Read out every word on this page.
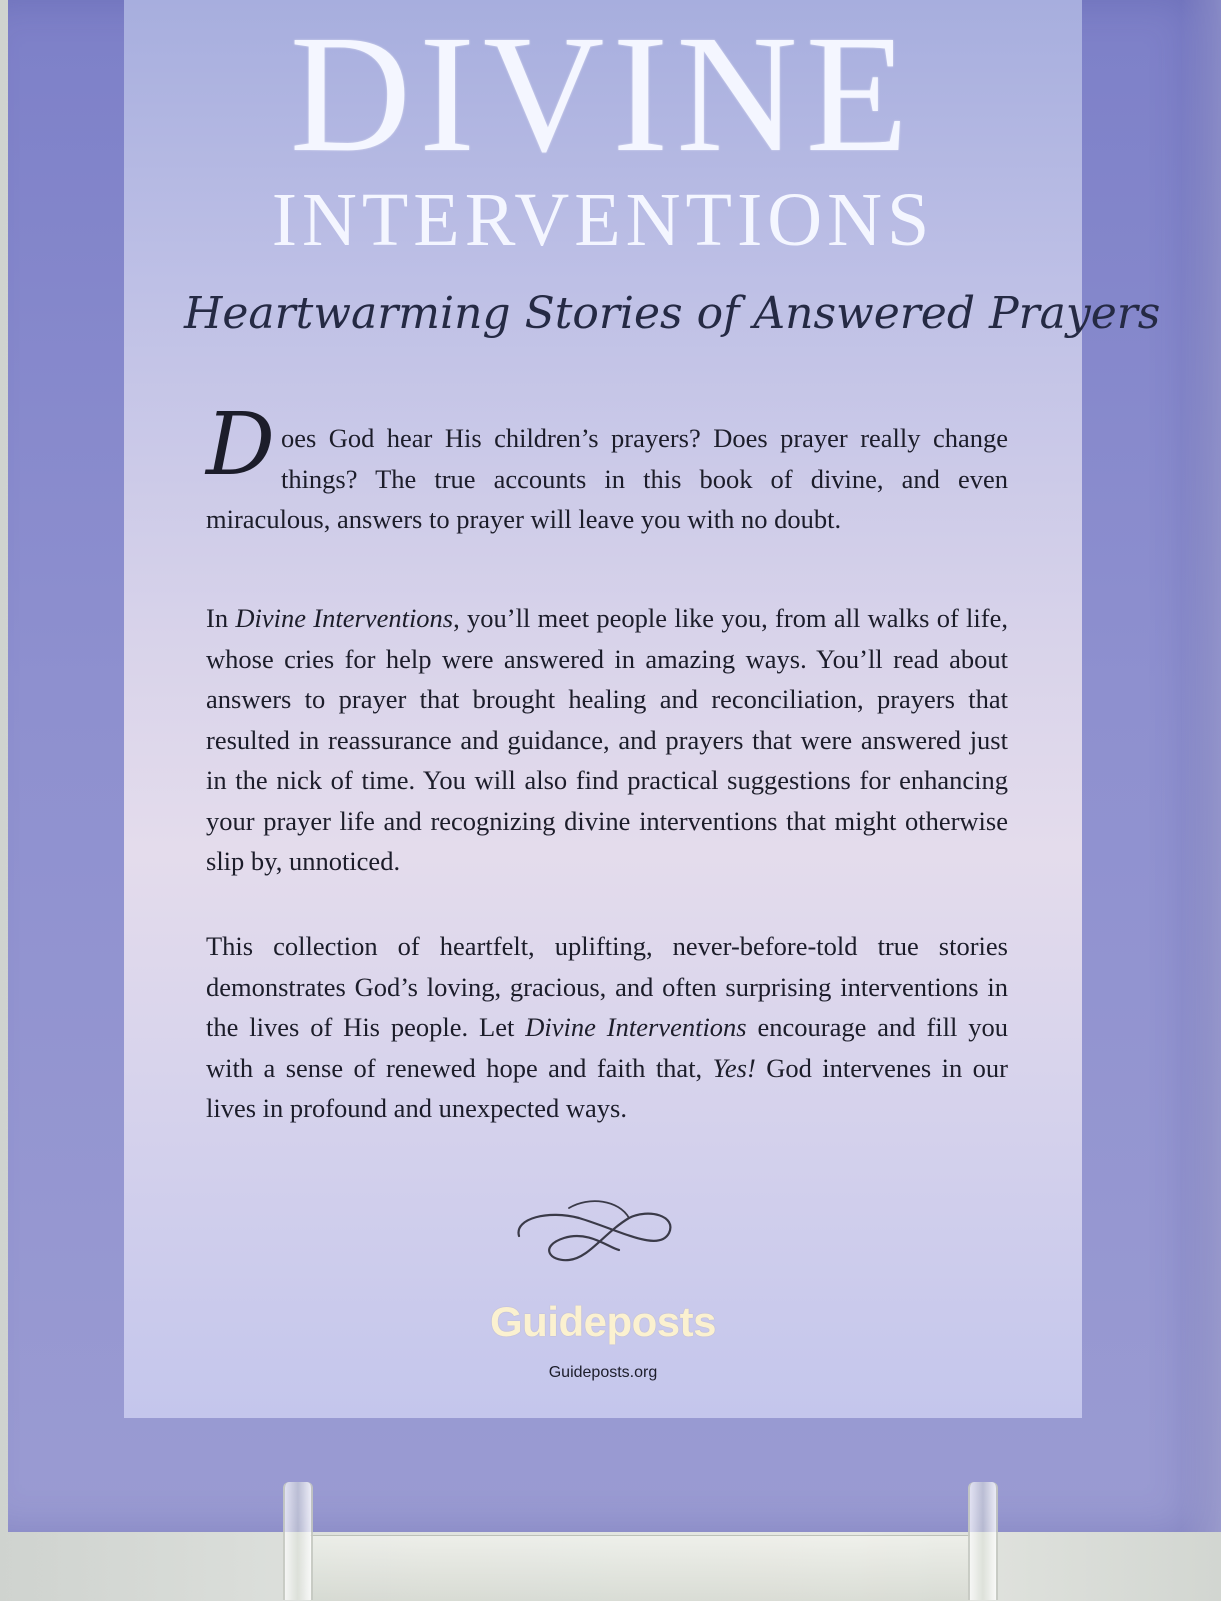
DIVINE
INTERVENTIONS
Heartwarming Stories of Answered Prayers
Does God hear His children’s prayers? Does prayer really change things? The true accounts in this book of divine, and even miraculous, answers to prayer will leave you with no doubt.
In Divine Interventions, you’ll meet people like you, from all walks of life, whose cries for help were answered in amazing ways. You’ll read about answers to prayer that brought healing and reconciliation, prayers that resulted in reassurance and guidance, and prayers that were answered just in the nick of time. You will also find practical suggestions for enhancing your prayer life and recognizing divine interventions that might otherwise slip by, unnoticed.
This collection of heartfelt, uplifting, never-before-told true stories demonstrates God’s loving, gracious, and often surprising interventions in the lives of His people. Let Divine Interventions encourage and fill you with a sense of renewed hope and faith that, Yes! God intervenes in our lives in profound and unexpected ways.
Guideposts
Guideposts.org
